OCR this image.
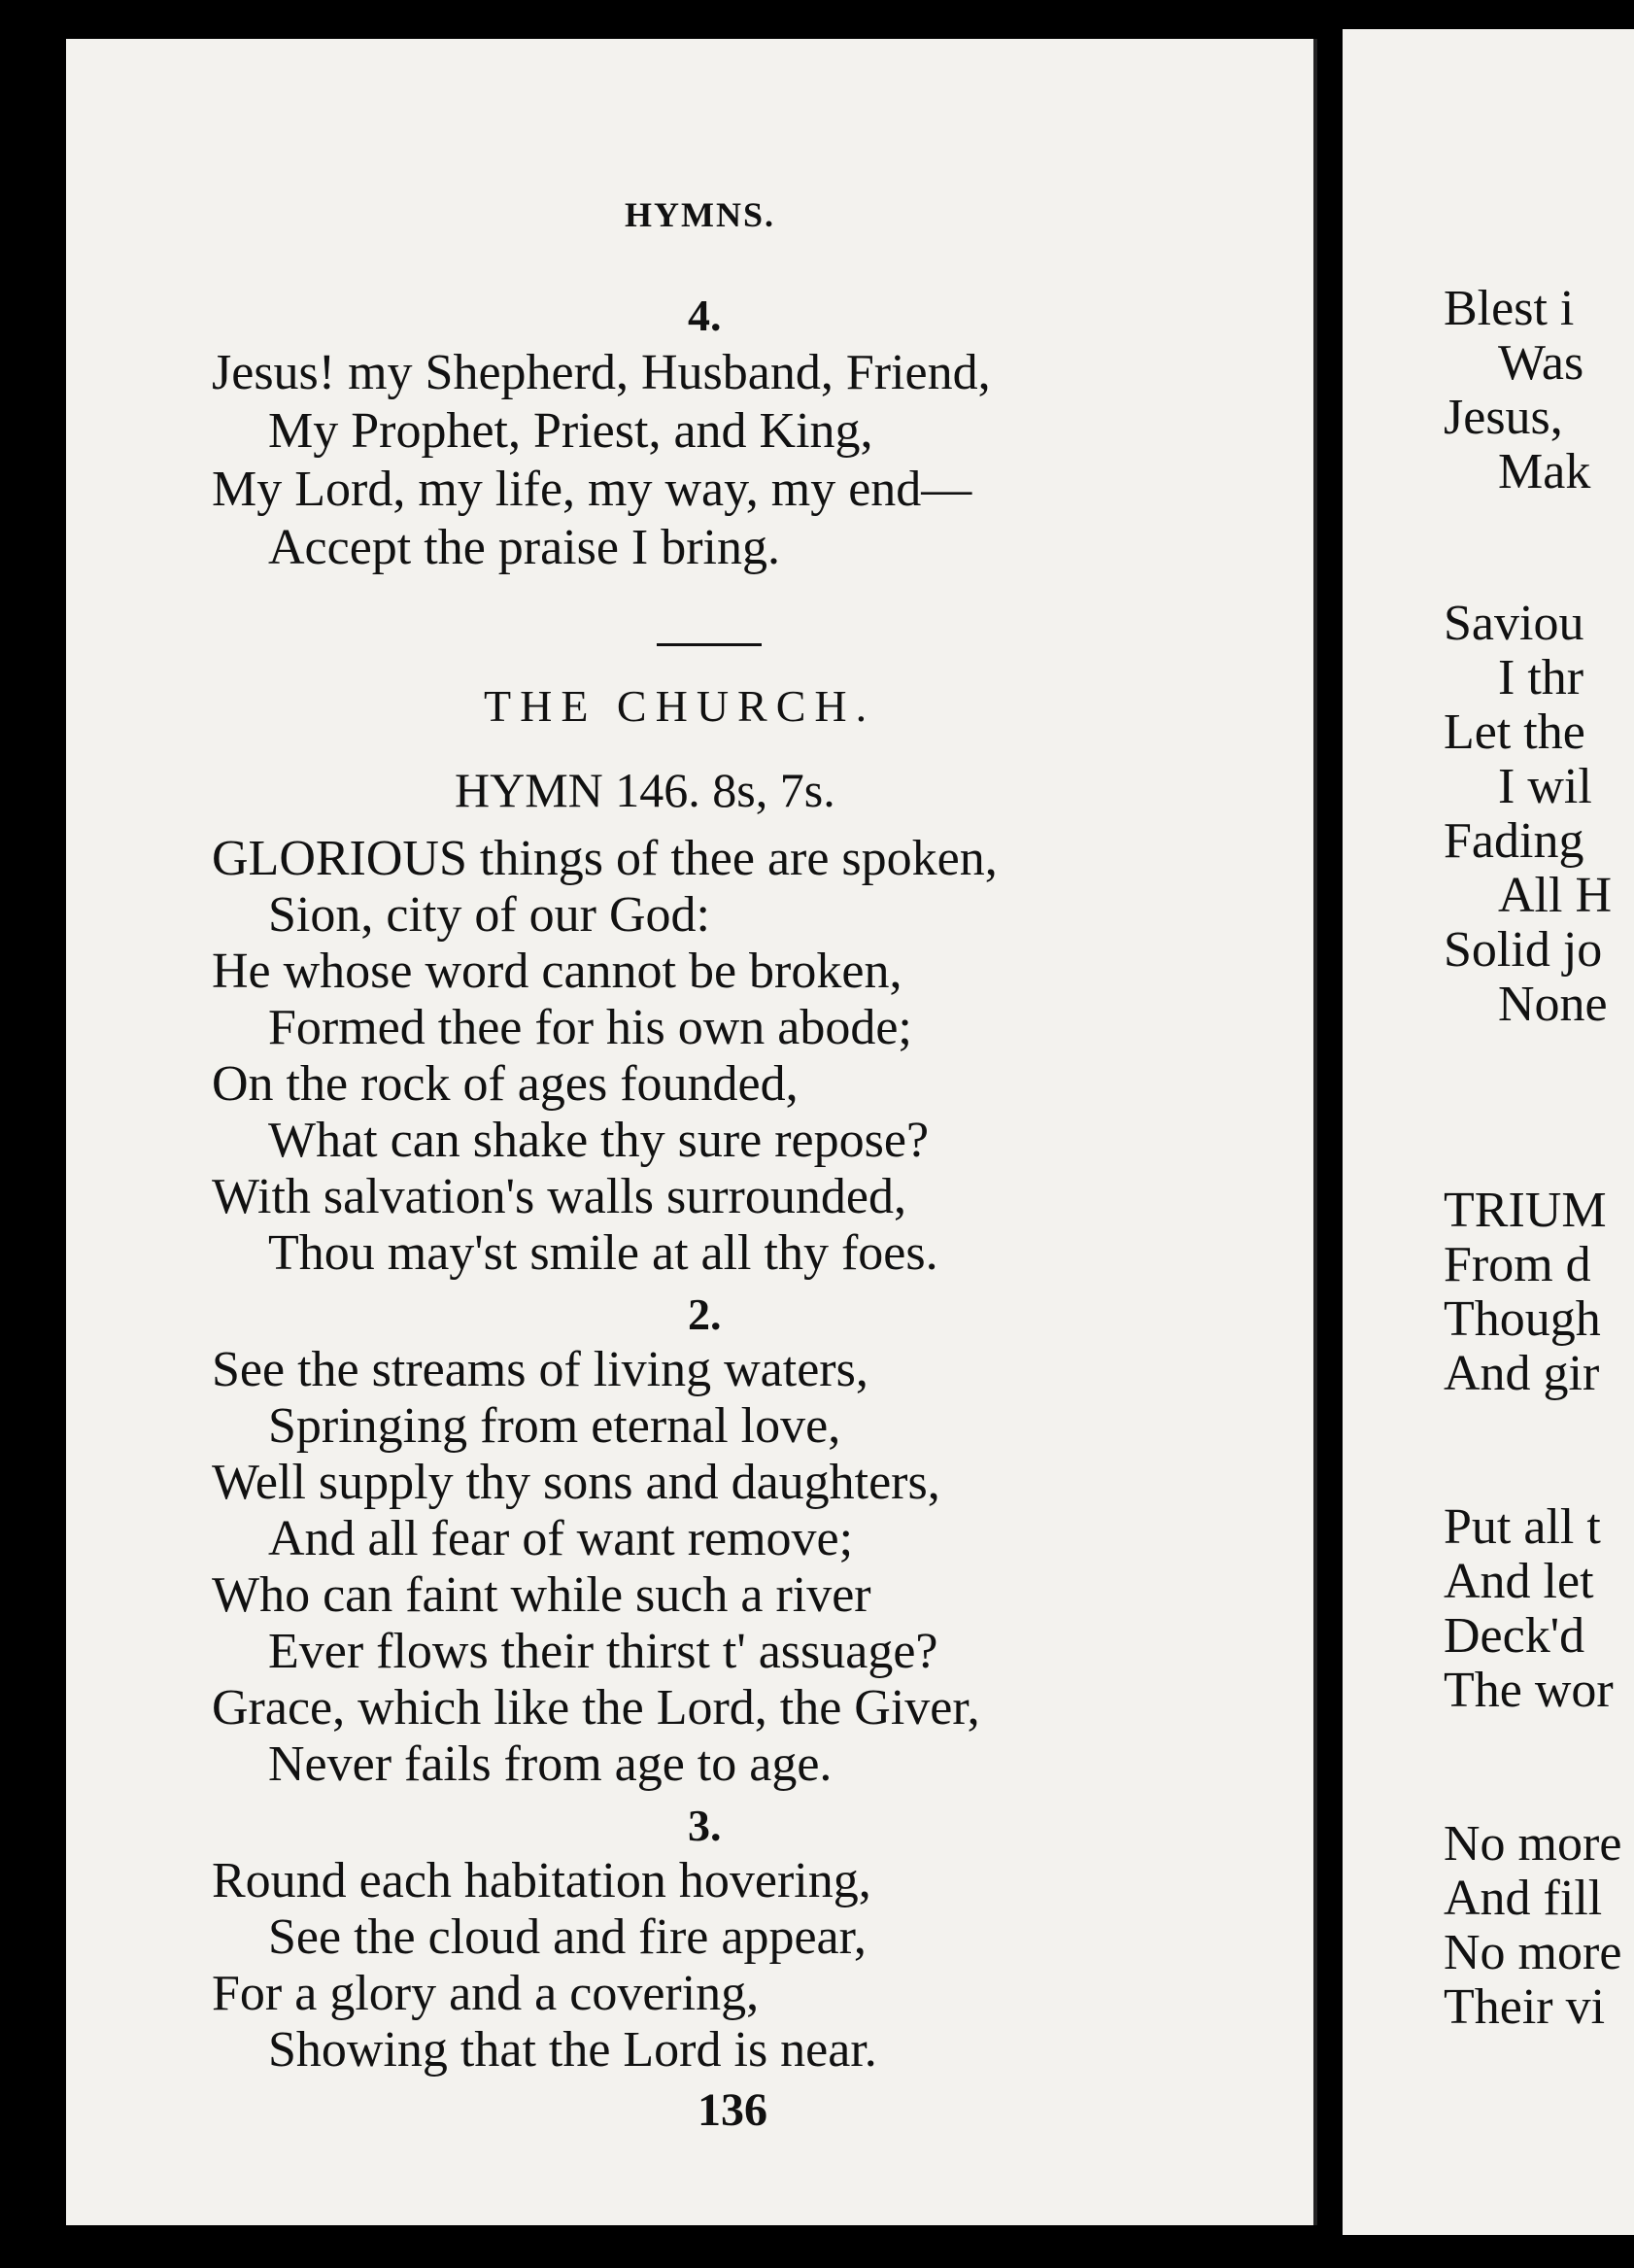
HYMNS.
4.
Jesus! my Shepherd, Husband, Friend,
My Prophet, Priest, and King,
My Lord, my life, my way, my end—
Accept the praise I bring.
THE CHURCH.
HYMN 146. 8s, 7s.
GLORIOUS things of thee are spoken,
Sion, city of our God:
He whose word cannot be broken,
Formed thee for his own abode;
On the rock of ages founded,
What can shake thy sure repose?
With salvation's walls surrounded,
Thou may'st smile at all thy foes.
2.
See the streams of living waters,
Springing from eternal love,
Well supply thy sons and daughters,
And all fear of want remove;
Who can faint while such a river
Ever flows their thirst t' assuage?
Grace, which like the Lord, the Giver,
Never fails from age to age.
3.
Round each habitation hovering,
See the cloud and fire appear,
For a glory and a covering,
Showing that the Lord is near.
136
Blest i
Was
Jesus,
Mak
Saviou
I thr
Let the
I wil
Fading
All H
Solid jo
None
TRIUM
From d
Though
And gir
Put all t
And let
Deck'd
The wor
No more
And fill
No more
Their vi
